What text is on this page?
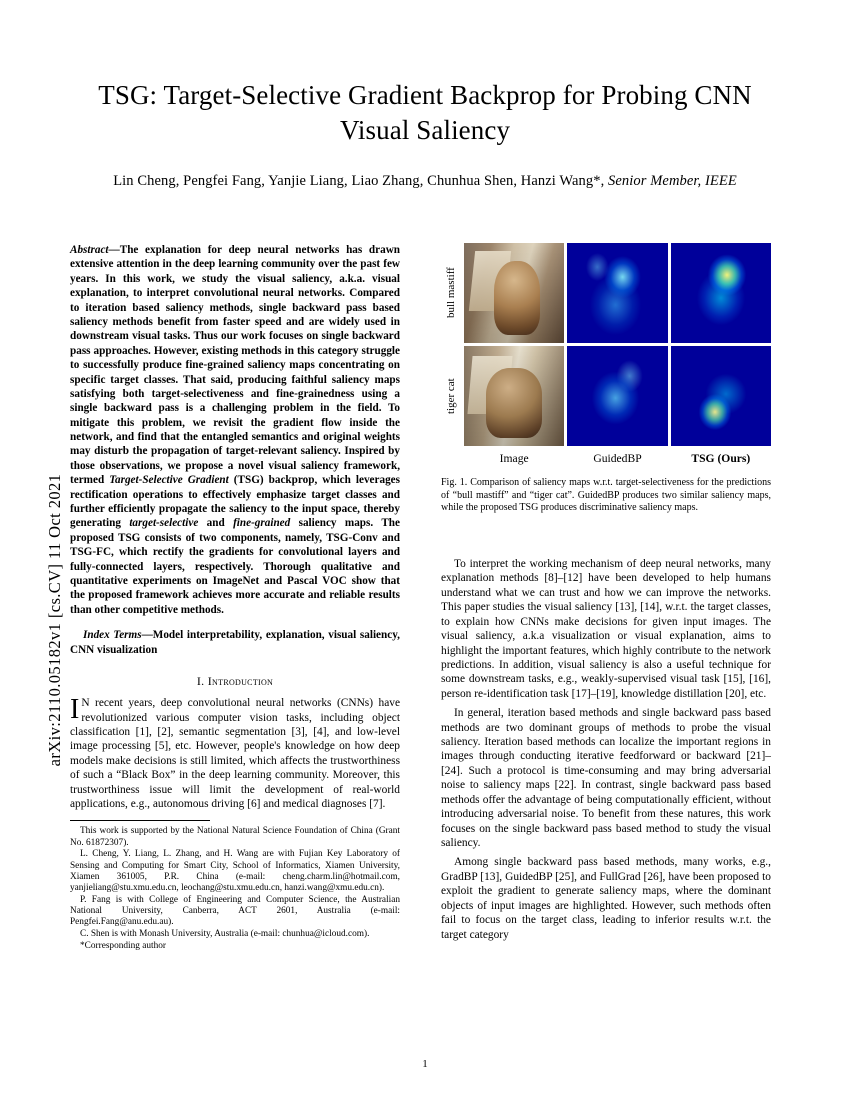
arXiv:2110.05182v1 [cs.CV] 11 Oct 2021
TSG: Target-Selective Gradient Backprop for Probing CNN Visual Saliency
Lin Cheng, Pengfei Fang, Yanjie Liang, Liao Zhang, Chunhua Shen, Hanzi Wang*, Senior Member, IEEE
Abstract—The explanation for deep neural networks has drawn extensive attention in the deep learning community over the past few years. In this work, we study the visual saliency, a.k.a. visual explanation, to interpret convolutional neural networks. Compared to iteration based saliency methods, single backward pass based saliency methods benefit from faster speed and are widely used in downstream visual tasks. Thus our work focuses on single backward pass approaches. However, existing methods in this category struggle to successfully produce fine-grained saliency maps concentrating on specific target classes. That said, producing faithful saliency maps satisfying both target-selectiveness and fine-grainedness using a single backward pass is a challenging problem in the field. To mitigate this problem, we revisit the gradient flow inside the network, and find that the entangled semantics and original weights may disturb the propagation of target-relevant saliency. Inspired by those observations, we propose a novel visual saliency framework, termed Target-Selective Gradient (TSG) backprop, which leverages rectification operations to effectively emphasize target classes and further efficiently propagate the saliency to the input space, thereby generating target-selective and fine-grained saliency maps. The proposed TSG consists of two components, namely, TSG-Conv and TSG-FC, which rectify the gradients for convolutional layers and fully-connected layers, respectively. Thorough qualitative and quantitative experiments on ImageNet and Pascal VOC show that the proposed framework achieves more accurate and reliable results than other competitive methods.
Index Terms—Model interpretability, explanation, visual saliency, CNN visualization
I. Introduction
I N recent years, deep convolutional neural networks (CNNs) have revolutionized various computer vision tasks, including object classification [1], [2], semantic segmentation [3], [4], and low-level image processing [5], etc. However, people's knowledge on how deep models make decisions is still limited, which affects the trustworthiness of such a “Black Box” in the deep learning community. Moreover, this trustworthiness issue will limit the development of real-world applications, e.g., autonomous driving [6] and medical diagnoses [7].

This work is supported by the National Natural Science Foundation of China (Grant No. 61872307).

L. Cheng, Y. Liang, L. Zhang, and H. Wang are with Fujian Key Laboratory of Sensing and Computing for Smart City, School of Informatics, Xiamen University, Xiamen 361005, P.R. China (e-mail: cheng.charm.lin@hotmail.com, yanjieliang@stu.xmu.edu.cn, leochang@stu.xmu.edu.cn, hanzi.wang@xmu.edu.cn).

P. Fang is with College of Engineering and Computer Science, the Australian National University, Canberra, ACT 2601, Australia (e-mail: Pengfei.Fang@anu.edu.au).

C. Shen is with Monash University, Australia (e-mail: chunhua@icloud.com).

*Corresponding author

bull mastiff
tiger cat
Image	GuidedBP	TSG (Ours)
Fig. 1. Comparison of saliency maps w.r.t. target-selectiveness for the predictions of “bull mastiff” and “tiger cat”. GuidedBP produces two similar saliency maps, while the proposed TSG produces discriminative saliency maps.

To interpret the working mechanism of deep neural networks, many explanation methods [8]–[12] have been developed to help humans understand what we can trust and how we can improve the networks. This paper studies the visual saliency [13], [14], w.r.t. the target classes, to explain how CNNs make decisions for given input images. The visual saliency, a.k.a visualization or visual explanation, aims to highlight the important features, which highly contribute to the network predictions. In addition, visual saliency is also a useful technique for some downstream tasks, e.g., weakly-supervised visual task [15], [16], person re-identification task [17]–[19], knowledge distillation [20], etc.

In general, iteration based methods and single backward pass based methods are two dominant groups of methods to probe the visual saliency. Iteration based methods can localize the important regions in images through conducting iterative feedforward or backward [21]–[24]. Such a protocol is time-consuming and may bring adversarial noise to saliency maps [22]. In contrast, single backward pass based methods offer the advantage of being computationally efficient, without introducing adversarial noise. To benefit from these natures, this work focuses on the single backward pass based method to study the visual saliency.

Among single backward pass based methods, many works, e.g., GradBP [13], GuidedBP [25], and FullGrad [26], have been proposed to exploit the gradient to generate saliency maps, where the dominant objects of input images are highlighted. However, such methods often fail to focus on the target class, leading to inferior results w.r.t. the target category

1
